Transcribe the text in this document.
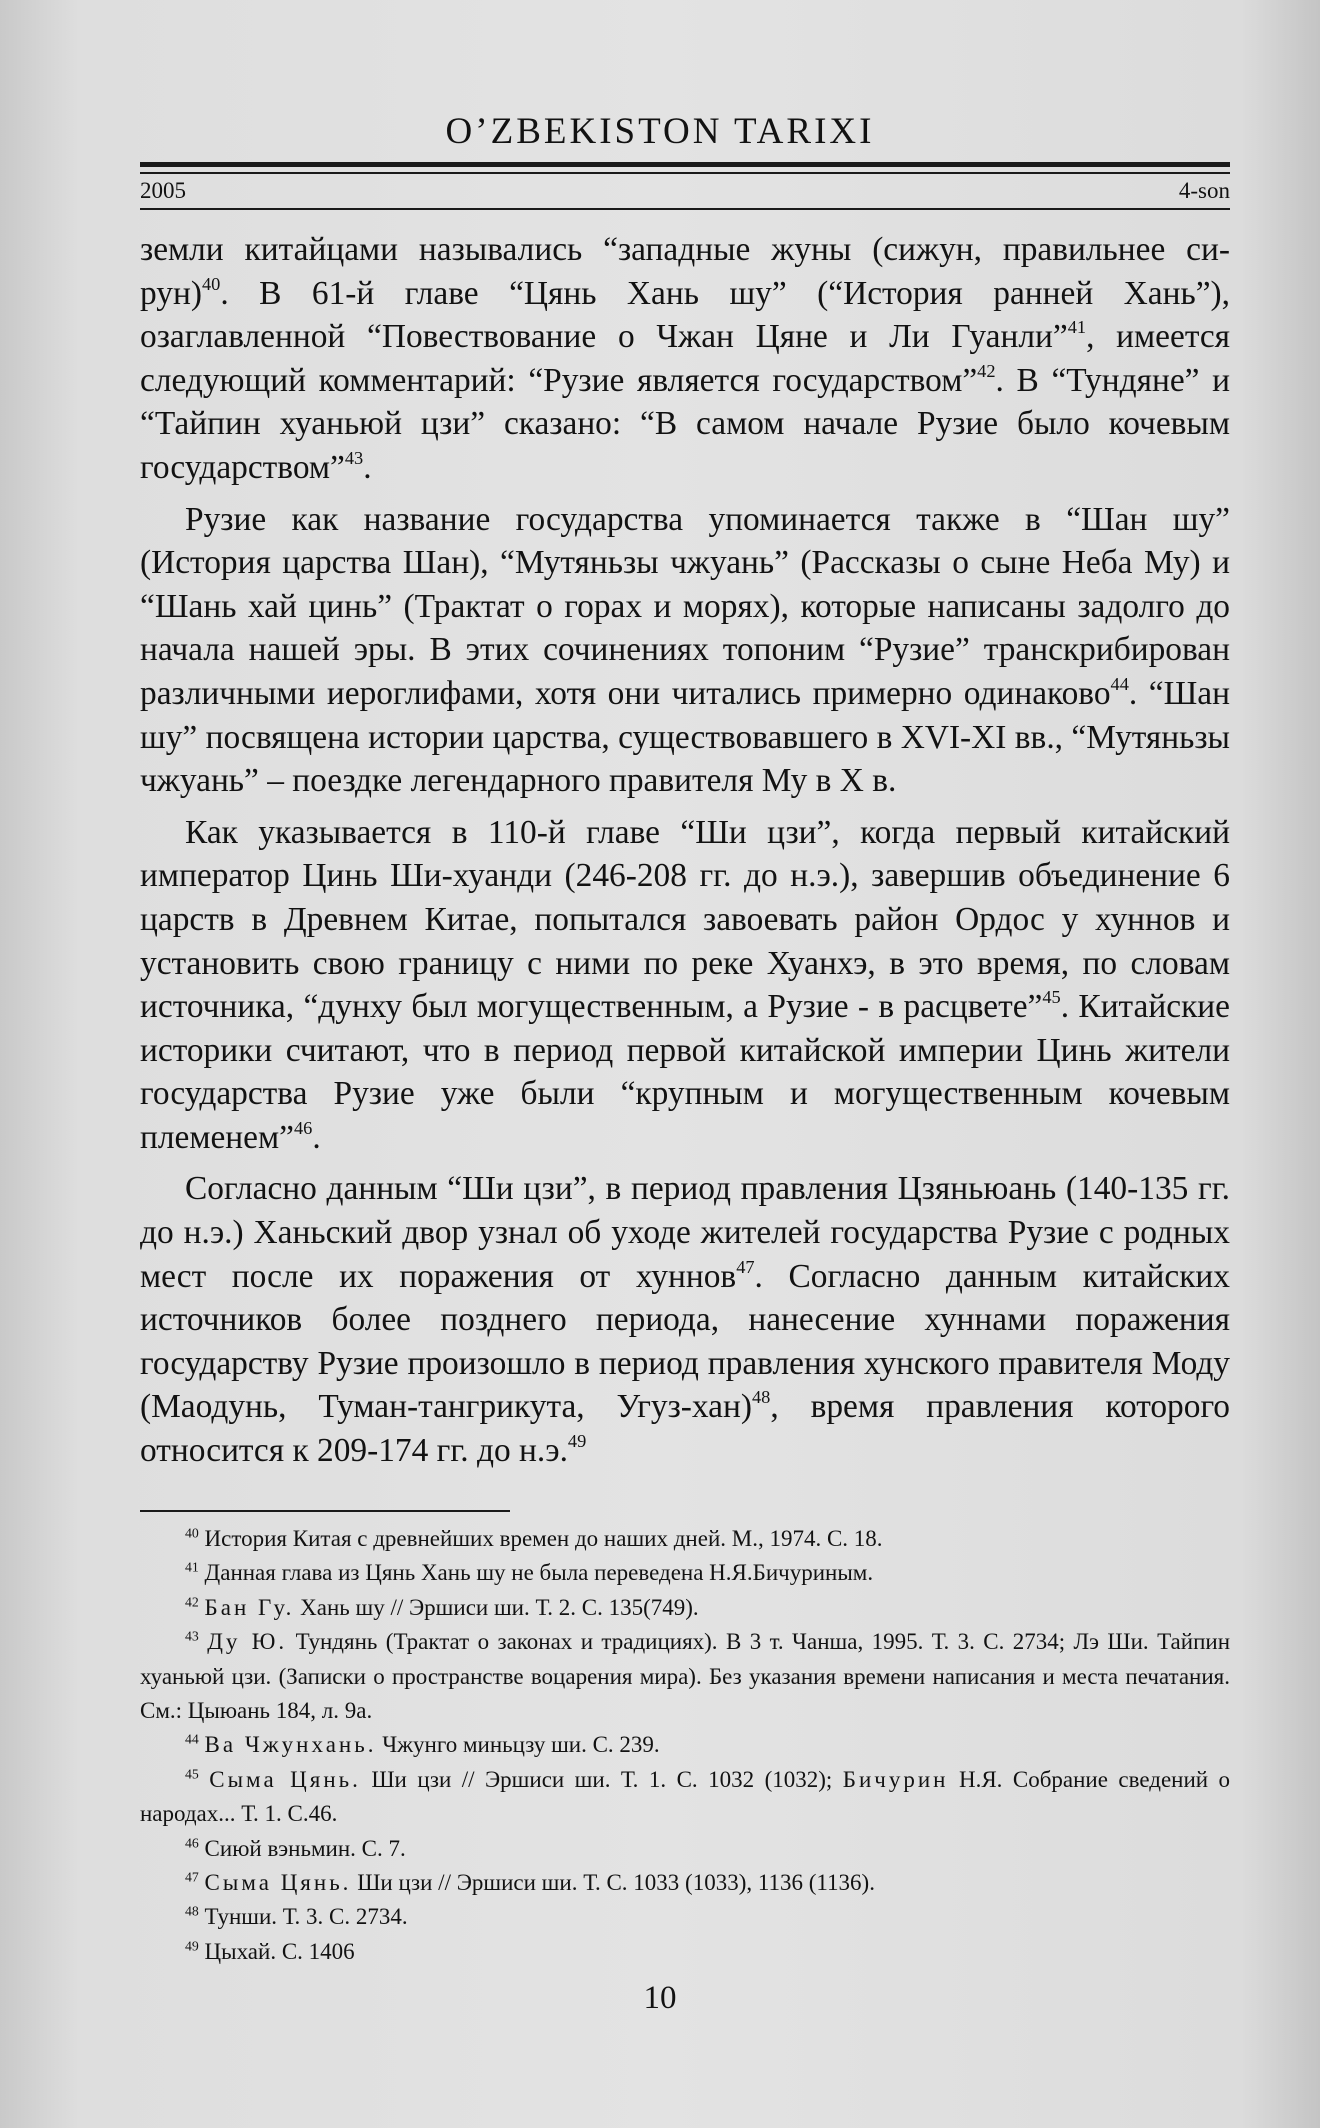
O’ZBEKISTON TARIXI
2005	4-son

земли китайцами назывались “западные жуны (сижун, правильнее си-рун)$^{40}$. В 61-й главе “Цянь Хань шу” (“История ранней Хань”), озаглавленной “Повествование о Чжан Цяне и Ли Гуанли”$^{41}$, имеется следующий комментарий: “Рузие является государством”$^{42}$. В “Тундяне” и “Тайпин хуаньюй цзи” сказано: “В самом начале Рузие было кочевым государством”$^{43}$.

Рузие как название государства упоминается также в “Шан шу” (История царства Шан), “Мутяньзы чжуань” (Рассказы о сыне Неба Му) и “Шань хай цинь” (Трактат о горах и морях), которые написаны задолго до начала нашей эры. В этих сочинениях топоним “Рузие” транскрибирован различными иероглифами, хотя они читались примерно одинаково$^{44}$. “Шан шу” посвящена истории царства, существовавшего в XVI-XI вв., “Мутяньзы чжуань” – поездке легендарного правителя Му в X в.

Как указывается в 110-й главе “Ши цзи”, когда первый китайский император Цинь Ши-хуанди (246-208 гг. до н.э.), завершив объединение 6 царств в Древнем Китае, попытался завоевать район Ордос у хуннов и установить свою границу с ними по реке Хуанхэ, в это время, по словам источника, “дунху был могущественным, а Рузие - в расцвете”$^{45}$. Китайские историки считают, что в период первой китайской империи Цинь жители государства Рузие уже были “крупным и могущественным кочевым племенем”$^{46}$.

Согласно данным “Ши цзи”, в период правления Цзяньюань (140-135 гг. до н.э.) Ханьский двор узнал об уходе жителей государства Рузие с родных мест после их поражения от хуннов$^{47}$. Согласно данным китайских источников более позднего периода, нанесение хуннами поражения государству Рузие произошло в период правления хунского правителя Моду (Маодунь, Туман-тангрикута, Угуз-хан)$^{48}$, время правления которого относится к 209-174 гг. до н.э.$^{49}$

$^{40}$ История Китая с древнейших времен до наших дней. М., 1974. С. 18.

$^{41}$ Данная глава из Цянь Хань шу не была переведена Н.Я.Бичуриным.

$^{42}$ Бан Гу. Хань шу // Эршиси ши. Т. 2. С. 135(749).

$^{43}$ Ду Ю. Тундянь (Трактат о законах и традициях). В 3 т. Чанша, 1995. Т. 3. С. 2734; Лэ Ши. Тайпин хуаньюй цзи. (Записки о пространстве воцарения мира). Без указания времени написания и места печатания. См.: Цыюань 184, л. 9а.

$^{44}$ Ва Чжунхань. Чжунго миньцзу ши. С. 239.

$^{45}$ Сыма Цянь. Ши цзи // Эршиси ши. Т. 1. С. 1032 (1032); Бичурин Н.Я. Собрание сведений о народах... Т. 1. С.46.

$^{46}$ Сиюй вэньмин. С. 7.

$^{47}$ Сыма Цянь. Ши цзи // Эршиси ши. Т. С. 1033 (1033), 1136 (1136).

$^{48}$ Тунши. Т. 3. С. 2734.

$^{49}$ Цыхай. С. 1406

10
